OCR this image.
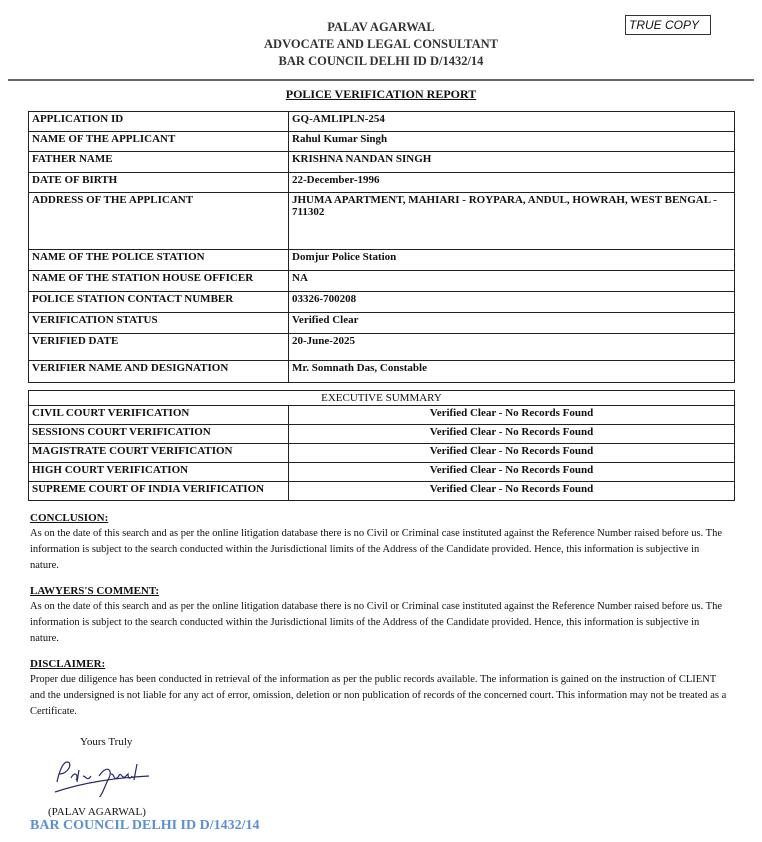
PALAV AGARWAL
ADVOCATE AND LEGAL CONSULTANT
BAR COUNCIL DELHI ID D/1432/14
TRUE COPY
POLICE VERIFICATION REPORT
APPLICATION ID	GQ-AMLIPLN-254
NAME OF THE APPLICANT	Rahul Kumar Singh
FATHER NAME	KRISHNA NANDAN SINGH
DATE OF BIRTH	22-December-1996
ADDRESS OF THE APPLICANT	JHUMA APARTMENT, MAHIARI - ROYPARA, ANDUL, HOWRAH, WEST BENGAL - 711302
NAME OF THE POLICE STATION	Domjur Police Station
NAME OF THE STATION HOUSE OFFICER	NA
POLICE STATION CONTACT NUMBER	03326-700208
VERIFICATION STATUS	Verified Clear
VERIFIED DATE	20-June-2025
VERIFIER NAME AND DESIGNATION	Mr. Somnath Das, Constable
EXECUTIVE SUMMARY	
CIVIL COURT VERIFICATION	Verified Clear - No Records Found
SESSIONS COURT VERIFICATION	Verified Clear - No Records Found
MAGISTRATE COURT VERIFICATION	Verified Clear - No Records Found
HIGH COURT VERIFICATION	Verified Clear - No Records Found
SUPREME COURT OF INDIA VERIFICATION	Verified Clear - No Records Found
CONCLUSION:

As on the date of this search and as per the online litigation database there is no Civil or Criminal case instituted against the Reference Number raised before us. The information is subject to the search conducted within the Jurisdictional limits of the Address of the Candidate provided. Hence, this information is subjective in nature.

LAWYERS'S COMMENT:

As on the date of this search and as per the online litigation database there is no Civil or Criminal case instituted against the Reference Number raised before us. The information is subject to the search conducted within the Jurisdictional limits of the Address of the Candidate provided. Hence, this information is subjective in nature.

DISCLAIMER:

Proper due diligence has been conducted in retrieval of the information as per the public records available. The information is gained on the instruction of CLIENT and the undersigned is not liable for any act of error, omission, deletion or non publication of records of the concerned court. This information may not be treated as a Certificate.

Yours Truly
(PALAV AGARWAL)
BAR COUNCIL DELHI ID D/1432/14
